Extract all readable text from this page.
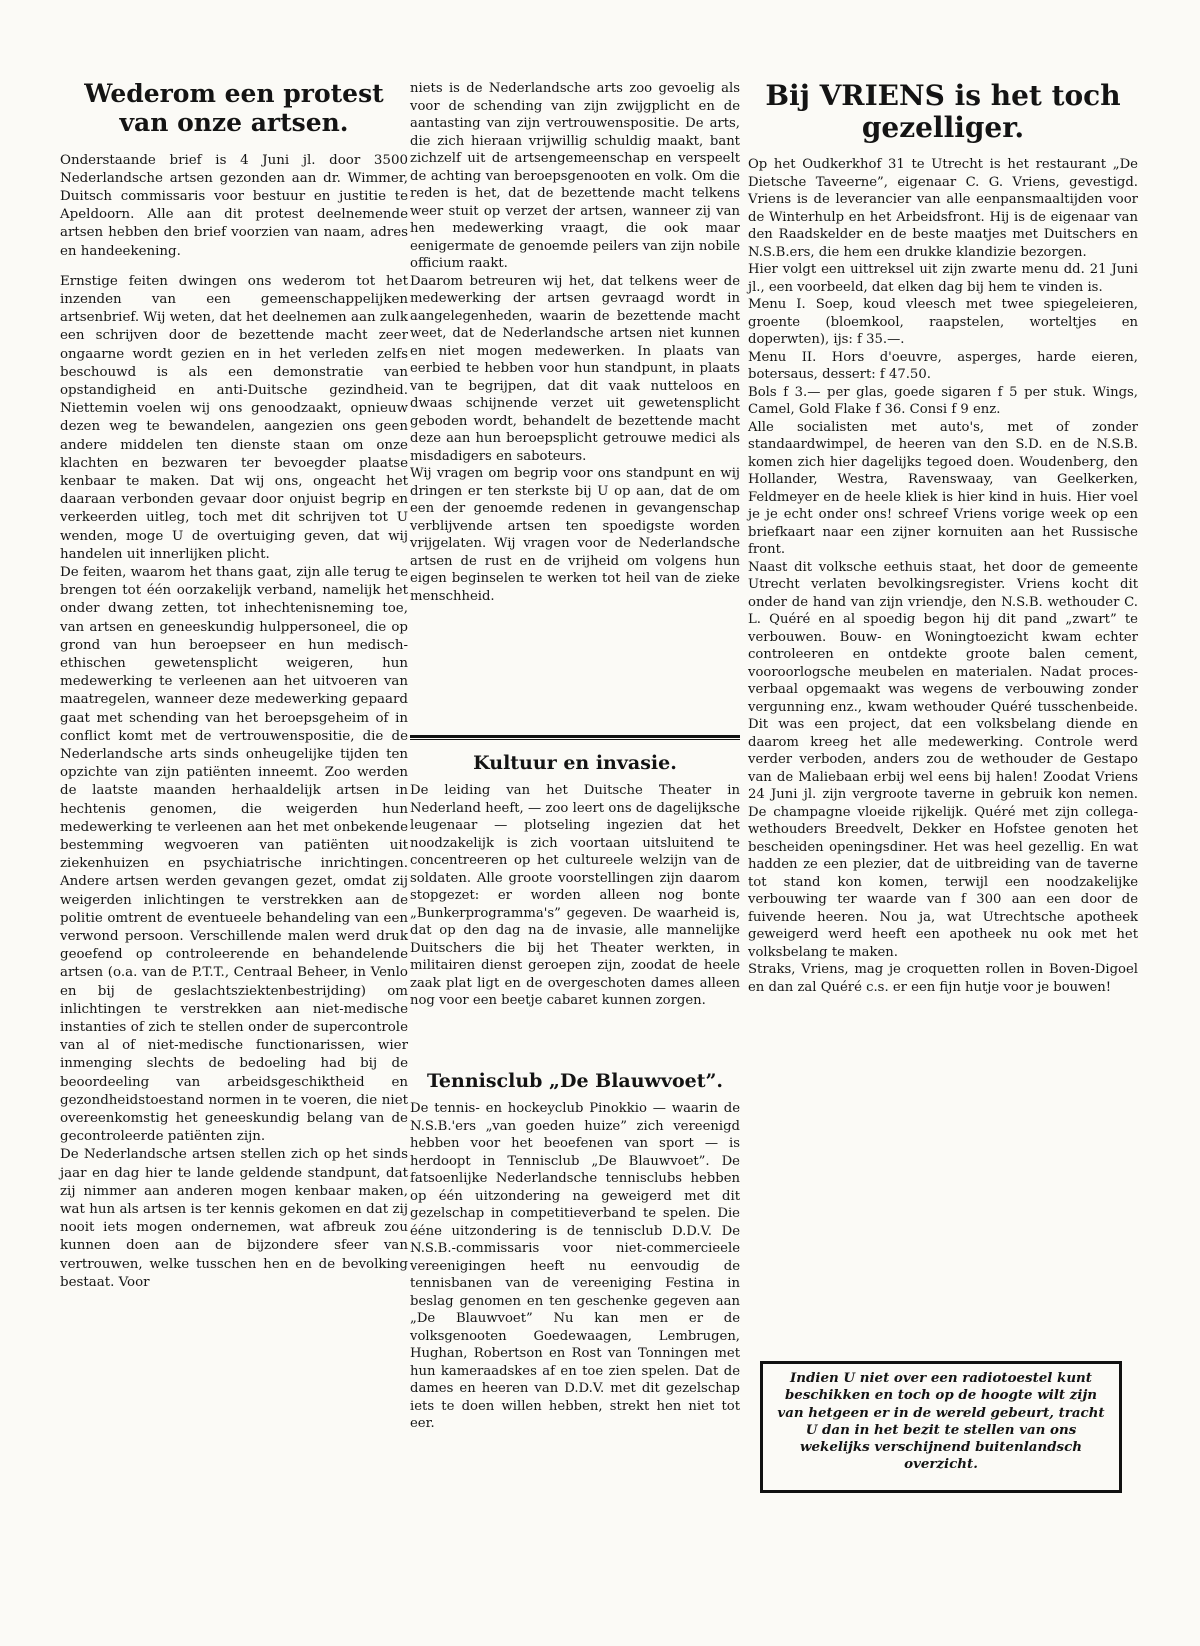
Wederom een protest van onze artsen.

Onderstaande brief is 4 Juni jl. door 3500 Nederlandsche artsen gezonden aan dr. Wimmer, Duitsch commissaris voor bestuur en justitie te Apeldoorn. Alle aan dit protest deelnemende artsen hebben den brief voorzien van naam, adres en handeekening.

Ernstige feiten dwingen ons wederom tot het inzenden van een gemeenschappelijken artsenbrief. Wij weten, dat het deelnemen aan zulk een schrijven door de bezettende macht zeer ongaarne wordt gezien en in het verleden zelfs beschouwd is als een demonstratie van opstandigheid en anti-Duitsche gezindheid. Niettemin voelen wij ons genoodzaakt, opnieuw dezen weg te bewandelen, aangezien ons geen andere middelen ten dienste staan om onze klachten en bezwaren ter bevoegder plaatse kenbaar te maken. Dat wij ons, ongeacht het daaraan verbonden gevaar door onjuist begrip en verkeerden uitleg, toch met dit schrijven tot U wenden, moge U de overtuiging geven, dat wij handelen uit innerlijken plicht.
De feiten, waarom het thans gaat, zijn alle terug te brengen tot één oorzakelijk verband, namelijk het onder dwang zetten, tot inhechtenisneming toe, van artsen en geneeskundig hulppersoneel, die op grond van hun beroepseer en hun medisch-ethischen gewetensplicht weigeren, hun medewerking te verleenen aan het uitvoeren van maatregelen, wanneer deze medewerking gepaard gaat met schending van het beroepsgeheim of in conflict komt met de vertrouwenspositie, die de Nederlandsche arts sinds onheugelijke tijden ten opzichte van zijn patiënten inneemt. Zoo werden de laatste maanden herhaaldelijk artsen in hechtenis genomen, die weigerden hun medewerking te verleenen aan het met onbekende bestemming wegvoeren van patiënten uit ziekenhuizen en psychiatrische inrichtingen. Andere artsen werden gevangen gezet, omdat zij weigerden inlichtingen te verstrekken aan de politie omtrent de eventueele behandeling van een verwond persoon. Verschillende malen werd druk geoefend op controleerende en behandelende artsen (o.a. van de P.T.T., Centraal Beheer, in Venlo en bij de geslachtsziektenbestrijding) om inlichtingen te verstrekken aan niet-medische instanties of zich te stellen onder de supercontrole van al of niet-medische functionarissen, wier inmenging slechts de bedoeling had bij de beoordeeling van arbeidsgeschiktheid en gezondheidstoestand normen in te voeren, die niet overeenkomstig het geneeskundig belang van de gecontroleerde patiënten zijn.
De Nederlandsche artsen stellen zich op het sinds jaar en dag hier te lande geldende standpunt, dat zij nimmer aan anderen mogen kenbaar maken, wat hun als artsen is ter kennis gekomen en dat zij nooit iets mogen ondernemen, wat afbreuk zou kunnen doen aan de bijzondere sfeer van vertrouwen, welke tusschen hen en de bevolking bestaat. Voor

niets is de Nederlandsche arts zoo gevoelig als voor de schending van zijn zwijgplicht en de aantasting van zijn vertrouwenspositie. De arts, die zich hieraan vrijwillig schuldig maakt, bant zichzelf uit de artsengemeenschap en verspeelt de achting van beroepsgenooten en volk. Om die reden is het, dat de bezettende macht telkens weer stuit op verzet der artsen, wanneer zij van hen medewerking vraagt, die ook maar eenigermate de genoemde peilers van zijn nobile officium raakt.
Daarom betreuren wij het, dat telkens weer de medewerking der artsen gevraagd wordt in aangelegenheden, waarin de bezettende macht weet, dat de Nederlandsche artsen niet kunnen en niet mogen medewerken. In plaats van eerbied te hebben voor hun standpunt, in plaats van te begrijpen, dat dit vaak nutteloos en dwaas schijnende verzet uit gewetensplicht geboden wordt, behandelt de bezettende macht deze aan hun beroepsplicht getrouwe medici als misdadigers en saboteurs.
Wij vragen om begrip voor ons standpunt en wij dringen er ten sterkste bij U op aan, dat de om een der genoemde redenen in gevangenschap verblijvende artsen ten spoedigste worden vrijgelaten. Wij vragen voor de Nederlandsche artsen de rust en de vrijheid om volgens hun eigen beginselen te werken tot heil van de zieke menschheid.

Kultuur en invasie.

De leiding van het Duitsche Theater in Nederland heeft, — zoo leert ons de dagelijksche leugenaar — plotseling ingezien dat het noodzakelijk is zich voortaan uitsluitend te concentreeren op het cultureele welzijn van de soldaten. Alle groote voorstellingen zijn daarom stopgezet: er worden alleen nog bonte „Bunkerprogramma's” gegeven. De waarheid is, dat op den dag na de invasie, alle mannelijke Duitschers die bij het Theater werkten, in militairen dienst geroepen zijn, zoodat de heele zaak plat ligt en de overgeschoten dames alleen nog voor een beetje cabaret kunnen zorgen.

Tennisclub „De Blauwvoet”.

De tennis- en hockeyclub Pinokkio — waarin de N.S.B.'ers „van goeden huize” zich vereenigd hebben voor het beoefenen van sport — is herdoopt in Tennisclub „De Blauwvoet”. De fatsoenlijke Nederlandsche tennisclubs hebben op één uitzondering na geweigerd met dit gezelschap in competitieverband te spelen. Die ééne uitzondering is de tennisclub D.D.V. De N.S.B.-commissaris voor niet-commercieele vereenigingen heeft nu eenvoudig de tennisbanen van de vereeniging Festina in beslag genomen en ten geschenke gegeven aan „De Blauwvoet” Nu kan men er de volksgenooten Goedewaagen, Lembrugen, Hughan, Robertson en Rost van Tonningen met hun kameraadskes af en toe zien spelen. Dat de dames en heeren van D.D.V. met dit gezelschap iets te doen willen hebben, strekt hen niet tot eer.

Bij VRIENS is het toch gezelliger.

Op het Oudkerkhof 31 te Utrecht is het restaurant „De Dietsche Taveerne”, eigenaar C. G. Vriens, gevestigd. Vriens is de leverancier van alle eenpansmaaltijden voor de Winterhulp en het Arbeidsfront. Hij is de eigenaar van den Raadskelder en de beste maatjes met Duitschers en N.S.B.ers, die hem een drukke klandizie bezorgen.
Hier volgt een uittreksel uit zijn zwarte menu dd. 21 Juni jl., een voorbeeld, dat elken dag bij hem te vinden is.
Menu I. Soep, koud vleesch met twee spiegeleieren, groente (bloemkool, raapstelen, worteltjes en doperwten), ijs: f 35.—.
Menu II. Hors d'oeuvre, asperges, harde eieren, botersaus, dessert: f 47.50.
Bols f 3.— per glas, goede sigaren f 5 per stuk. Wings, Camel, Gold Flake f 36. Consi f 9 enz.
Alle socialisten met auto's, met of zonder standaardwimpel, de heeren van den S.D. en de N.S.B. komen zich hier dagelijks tegoed doen. Woudenberg, den Hollander, Westra, Ravenswaay, van Geelkerken, Feldmeyer en de heele kliek is hier kind in huis. Hier voel je je echt onder ons! schreef Vriens vorige week op een briefkaart naar een zijner kornuiten aan het Russische front.
Naast dit volksche eethuis staat, het door de gemeente Utrecht verlaten bevolkingsregister. Vriens kocht dit onder de hand van zijn vriendje, den N.S.B. wethouder C. L. Quéré en al spoedig begon hij dit pand „zwart” te verbouwen. Bouw- en Woningtoezicht kwam echter controleeren en ontdekte groote balen cement, vooroorlogsche meubelen en materialen. Nadat proces-verbaal opgemaakt was wegens de verbouwing zonder vergunning enz., kwam wethouder Quéré tusschenbeide. Dit was een project, dat een volksbelang diende en daarom kreeg het alle medewerking. Controle werd verder verboden, anders zou de wethouder de Gestapo van de Maliebaan erbij wel eens bij halen! Zoodat Vriens 24 Juni jl. zijn vergroote taverne in gebruik kon nemen. De champagne vloeide rijkelijk. Quéré met zijn collega-wethouders Breedvelt, Dekker en Hofstee genoten het bescheiden openingsdiner. Het was heel gezellig. En wat hadden ze een plezier, dat de uitbreiding van de taverne tot stand kon komen, terwijl een noodzakelijke verbouwing ter waarde van f 300 aan een door de fuivende heeren. Nou ja, wat Utrechtsche apotheek geweigerd werd heeft een apotheek nu ook met het volksbelang te maken.
Straks, Vriens, mag je croquetten rollen in Boven-Digoel en dan zal Quéré c.s. er een fijn hutje voor je bouwen!

Indien U niet over een radiotoestel kunt beschikken en toch op de hoogte wilt zijn van hetgeen er in de wereld gebeurt, tracht U dan in het bezit te stellen van ons wekelijks verschijnend buitenlandsch overzicht.
